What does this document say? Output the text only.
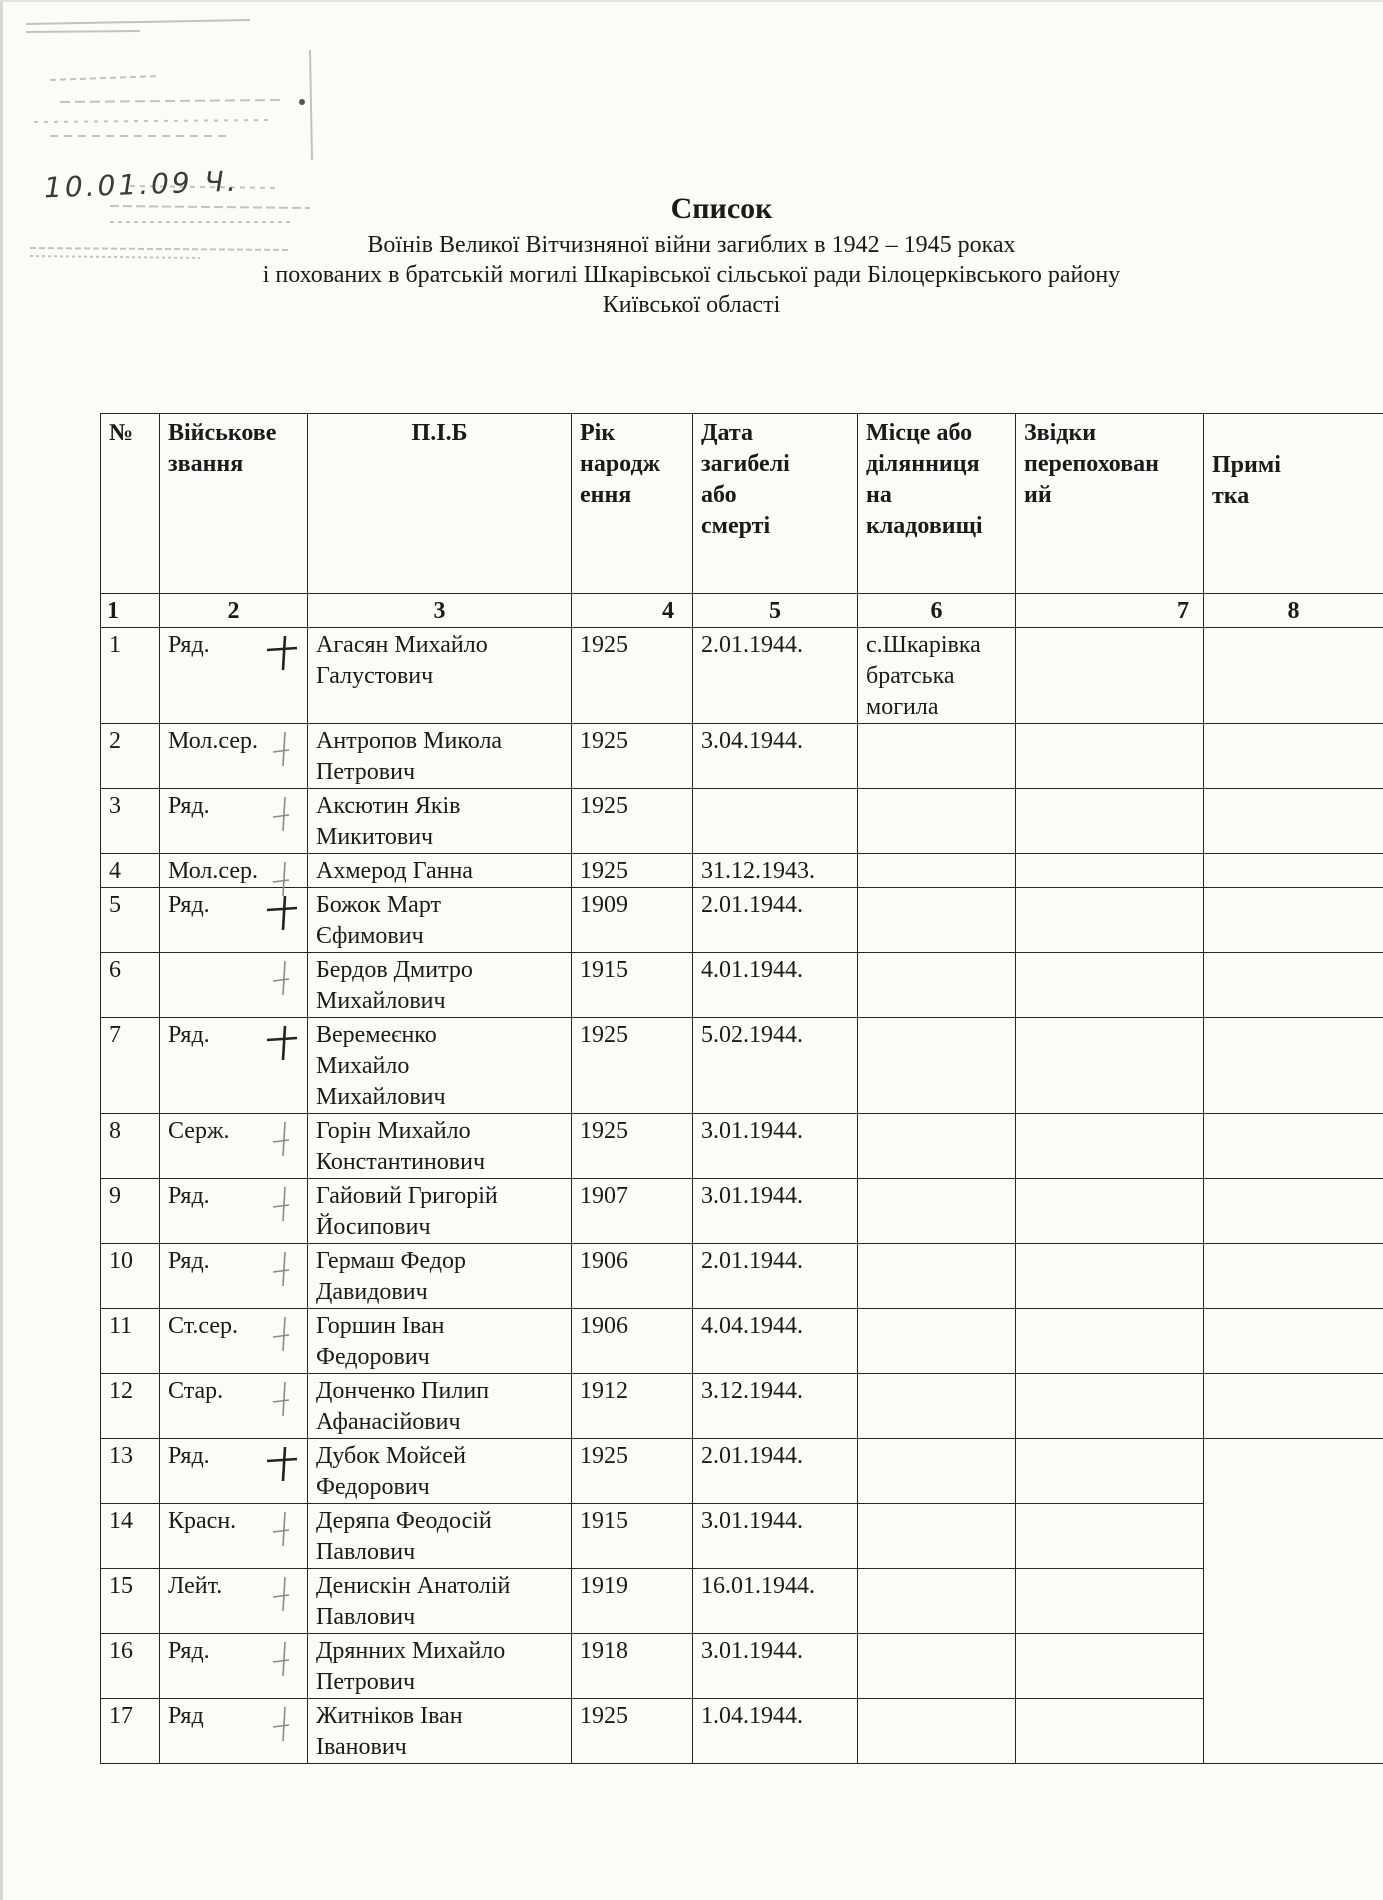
10.01.09 Ч.
Список
Воїнів Великої Вітчизняної війни загиблих в 1942 – 1945 роках
і похованих в братській могилі Шкарівської сільської ради Білоцерківського району
Київської області
№	Військове
звання	П.І.Б	Рік
народж
ення	Дата
загибелі
або
смерті	Місце або
ділянниця
на
кладовищі	Звідки
перепохован
ий	Примі
тка
1	2	3	4	5	6	7	8
1	Ряд.	Агасян Михайло
Галустович	1925	2.01.1944.	с.Шкарівка
братська
могила		
2	Мол.сер.	Антропов Микола
Петрович	1925	3.04.1944.			
3	Ряд.	Аксютин Яків
Микитович	1925				
4	Мол.сер.	Ахмерод Ганна	1925	31.12.1943.			
5	Ряд.	Божок Март
Єфимович	1909	2.01.1944.			
6		Бердов Дмитро
Михайлович	1915	4.01.1944.			
7	Ряд.	Веремеєнко
Михайло
Михайлович	1925	5.02.1944.			
8	Серж.	Горін Михайло
Константинович	1925	3.01.1944.			
9	Ряд.	Гайовий Григорій
Йосипович	1907	3.01.1944.			
10	Ряд.	Гермаш Федор
Давидович	1906	2.01.1944.			
11	Ст.сер.	Горшин Іван
Федорович	1906	4.04.1944.			
12	Стар.	Донченко Пилип
Афанасійович	1912	3.12.1944.			
13	Ряд.	Дубок Мойсей
Федорович	1925	2.01.1944.			
14	Красн.	Деряпа Феодосій
Павлович	1915	3.01.1944.			
15	Лейт.	Денискін Анатолій
Павлович	1919	16.01.1944.			
16	Ряд.	Дрянних Михайло
Петрович	1918	3.01.1944.			
17	Ряд	Житніков Іван
Іванович	1925	1.04.1944.			
